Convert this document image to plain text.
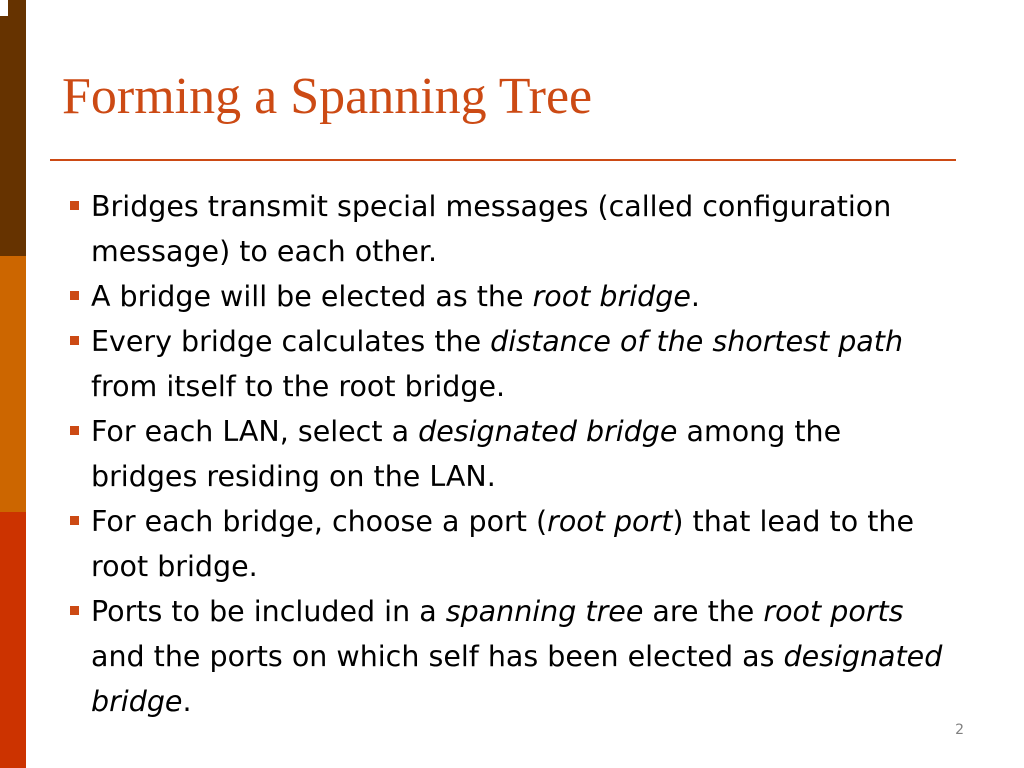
Forming a Spanning Tree
Bridges transmit special messages (called configuration message) to each other.
A bridge will be elected as the root bridge.
Every bridge calculates the distance of the shortest path from itself to the root bridge.
For each LAN, select a designated bridge among the bridges residing on the LAN.
For each bridge, choose a port (root port) that lead to the root bridge.
Ports to be included in a spanning tree are the root ports and the ports on which self has been elected as designated bridge.
2
